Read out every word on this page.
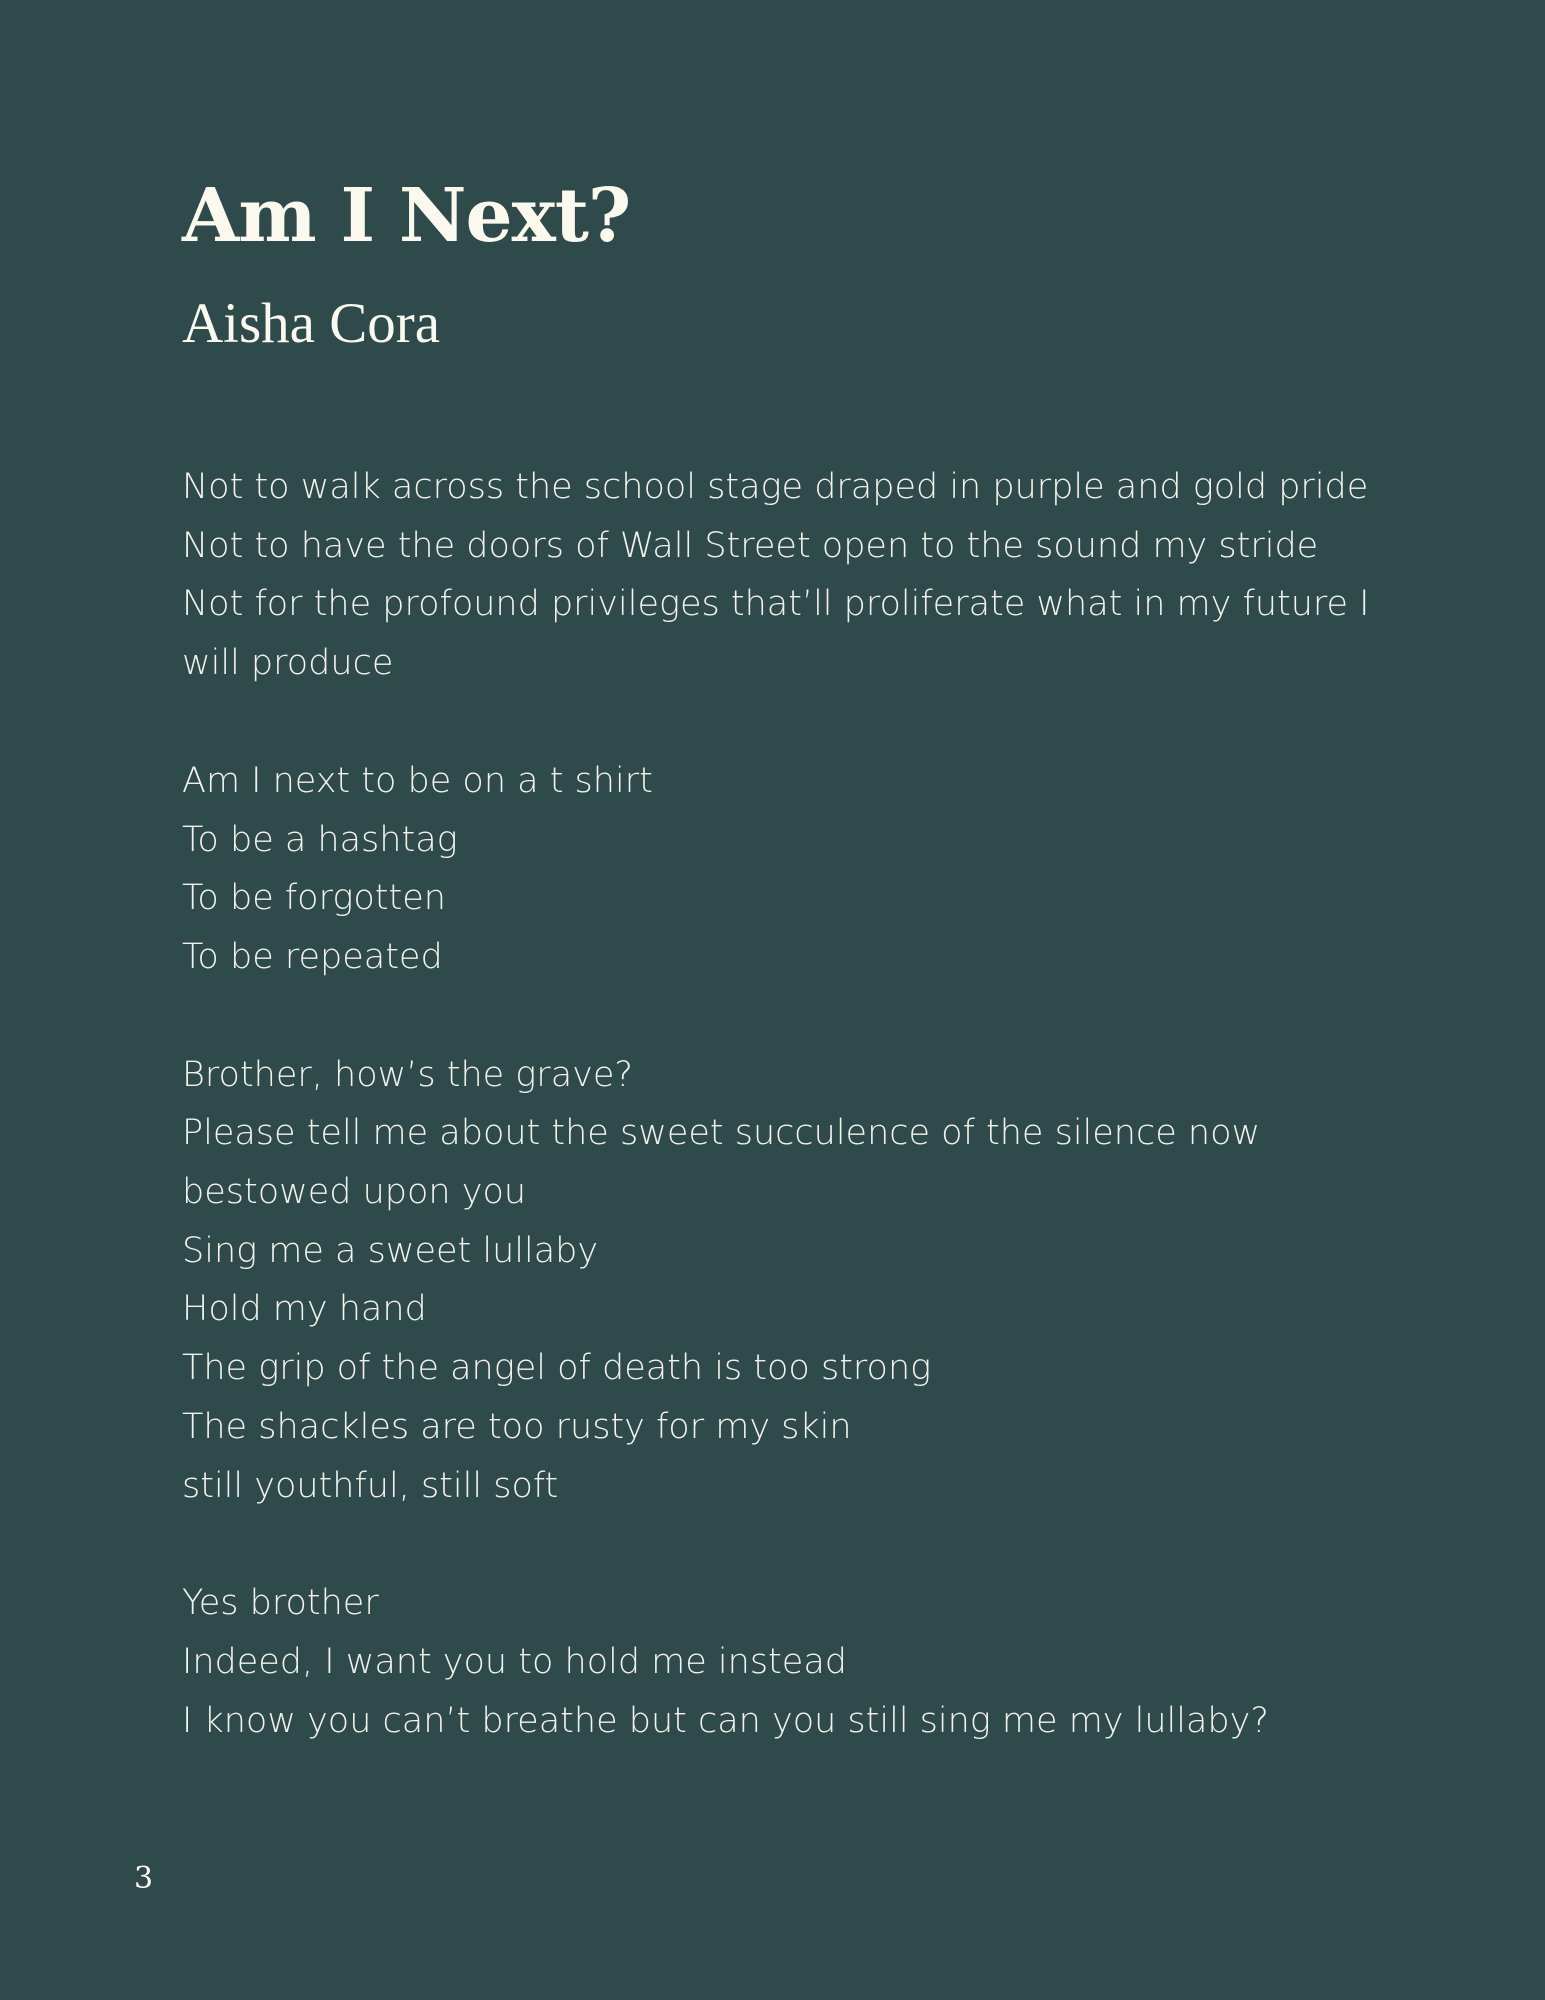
Am I Next?
Aisha Cora
Not to walk across the school stage draped in purple and gold pride
Not to have the doors of Wall Street open to the sound my stride
Not for the profound privileges that’ll proliferate what in my future I
will produce
Am I next to be on a t shirt
To be a hashtag
To be forgotten
To be repeated
Brother, how’s the grave?
Please tell me about the sweet succulence of the silence now
bestowed upon you
Sing me a sweet lullaby
Hold my hand
The grip of the angel of death is too strong
The shackles are too rusty for my skin
still youthful, still soft
Yes brother
Indeed, I want you to hold me instead
I know you can’t breathe but can you still sing me my lullaby?

3
